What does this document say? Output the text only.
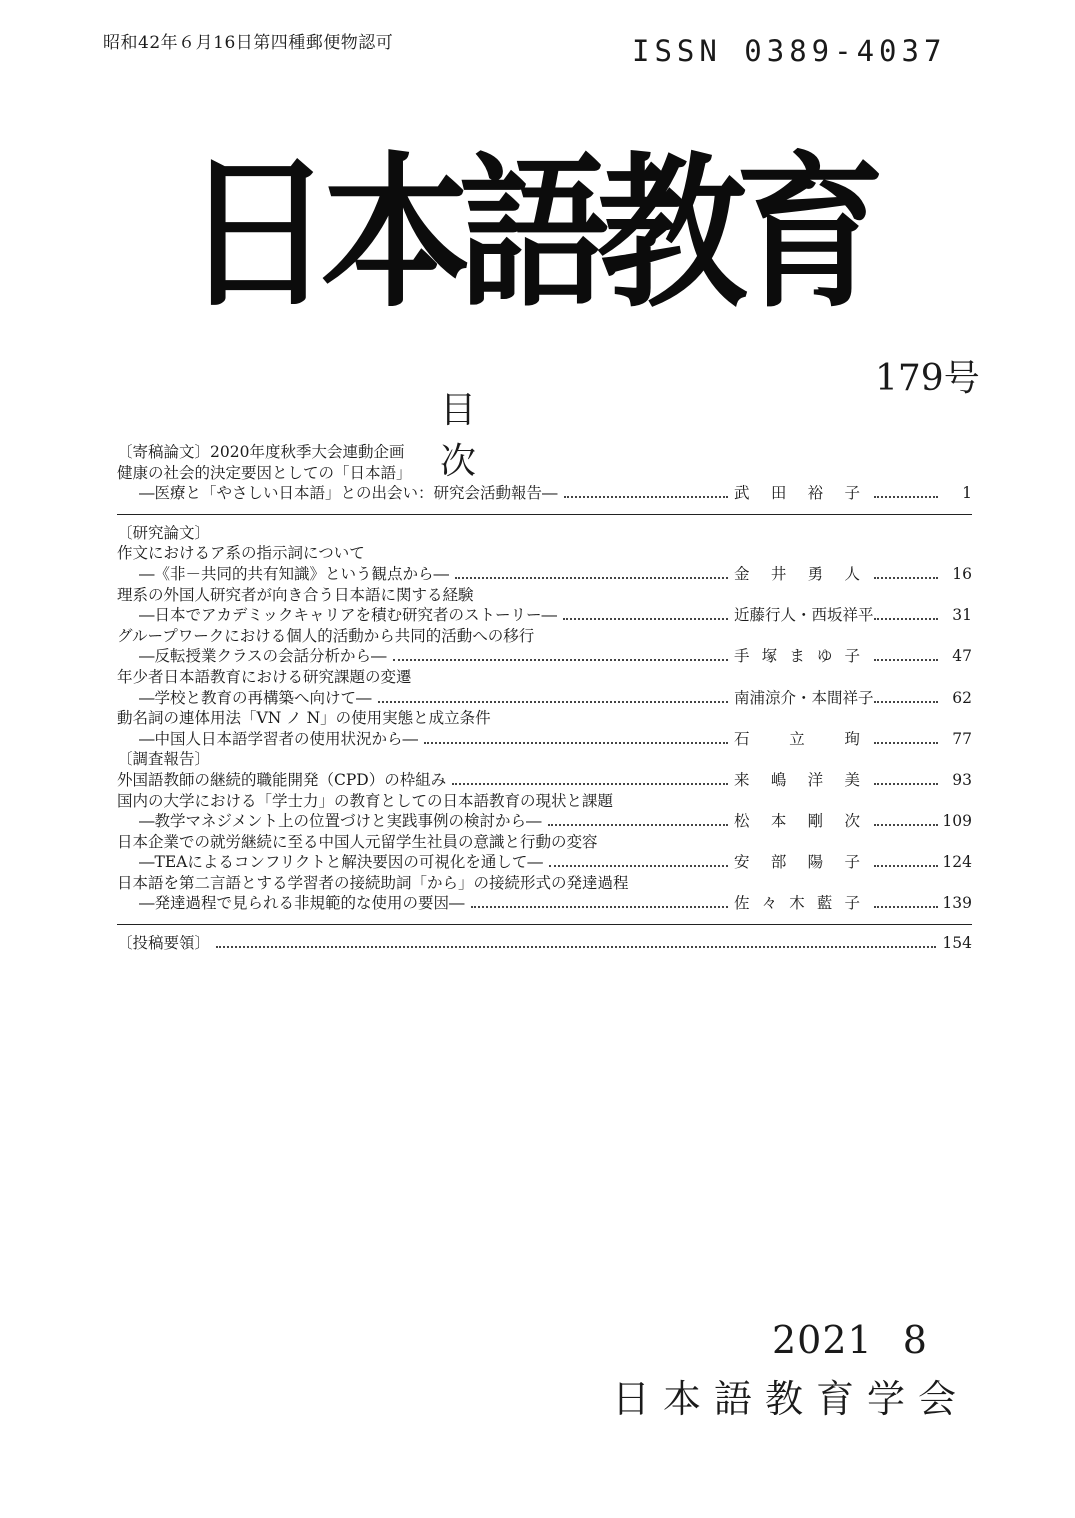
昭和42年６月16日第四種郵便物認可	ISSN 0389-4037
日本語教育
179号
目　次
〔寄稿論文〕2020年度秋季大会連動企画
健康の社会的決定要因としての「日本語」
―医療と「やさしい日本語」との出会い：研究会活動報告―	武 田 裕 子	1
〔研究論文〕
作文におけるア系の指示詞について
―《非－共同的共有知識》という観点から―	金 井 勇 人	16
理系の外国人研究者が向き合う日本語に関する経験
―日本でアカデミックキャリアを積む研究者のストーリー―	近藤行人・西坂祥平	31
グループワークにおける個人的活動から共同的活動への移行
―反転授業クラスの会話分析から―	手 塚 ま ゆ 子	47
年少者日本語教育における研究課題の変遷
―学校と教育の再構築へ向けて―	南浦涼介・本間祥子	62
動名詞の連体用法「VN ノ N」の使用実態と成立条件
―中国人日本語学習者の使用状況から―	石 立 珣	77
〔調査報告〕
外国語教師の継続的職能開発（CPD）の枠組み	来 嶋 洋 美	93
国内の大学における「学士力」の教育としての日本語教育の現状と課題
―教学マネジメント上の位置づけと実践事例の検討から―	松 本 剛 次	109
日本企業での就労継続に至る中国人元留学生社員の意識と行動の変容
―TEAによるコンフリクトと解決要因の可視化を通して―	安 部 陽 子	124
日本語を第二言語とする学習者の接続助詞「から」の接続形式の発達過程
―発達過程で見られる非規範的な使用の要因―	佐 々 木 藍 子	139
〔投稿要領〕	154
2021 8
日本語教育学会
